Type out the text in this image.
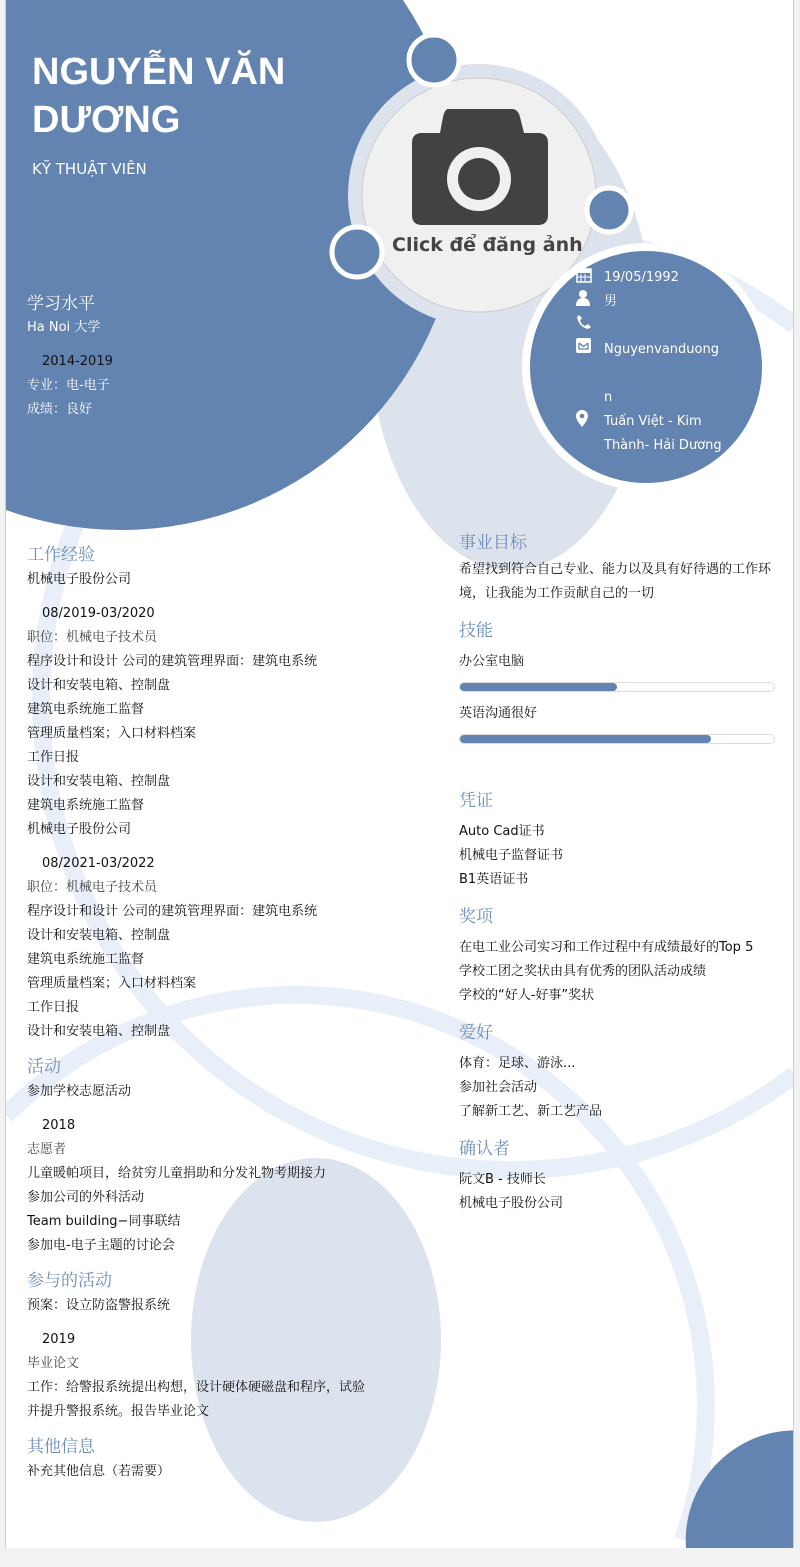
NGUYỄN VĂN DƯƠNG
KỸ THUẬT VIÊN
Click để đăng ảnh
学习水平
Ha Noi 大学
2014-2019
专业：电-电子
成绩：良好
19/05/1992
男
Nguyenvanduong

n
Tuấn Việt - Kim
Thành- Hải Dương
工作经验
机械电子股份公司
08/2019-03/2020
职位：机械电子技术员
程序设计和设计 公司的建筑管理界面：建筑电系统
设计和安装电箱、控制盘
建筑电系统施工监督
管理质量档案；入口材料档案
工作日报
设计和安装电箱、控制盘
建筑电系统施工监督
机械电子股份公司
08/2021-03/2022
职位：机械电子技术员
程序设计和设计 公司的建筑管理界面：建筑电系统
设计和安装电箱、控制盘
建筑电系统施工监督
管理质量档案；入口材料档案
工作日报
设计和安装电箱、控制盘
活动
参加学校志愿活动
2018
志愿者
儿童暖帕项目，给贫穷儿童捐助和分发礼物考期接力
参加公司的外科活动
Team building−同事联结
参加电-电子主题的讨论会
参与的活动
预案：设立防盗警报系统
2019
毕业论文
工作：给警报系统提出构想，设计硬体硬磁盘和程序，试验
并提升警报系统。报告毕业论文
其他信息
补充其他信息（若需要）
事业目标
希望找到符合自己专业、能力以及具有好待遇的工作环境，让我能为工作贡献自己的一切
技能
办公室电脑
英语沟通很好
凭证
Auto Cad证书
机械电子监督证书
B1英语证书
奖项
在电工业公司实习和工作过程中有成绩最好的Top 5
学校工团之奖状由具有优秀的团队活动成绩
学校的“好人-好事”奖状
爱好
体育：足球、游泳...
参加社会活动
了解新工艺、新工艺产品
确认者
阮文B - 技师长
机械电子股份公司
